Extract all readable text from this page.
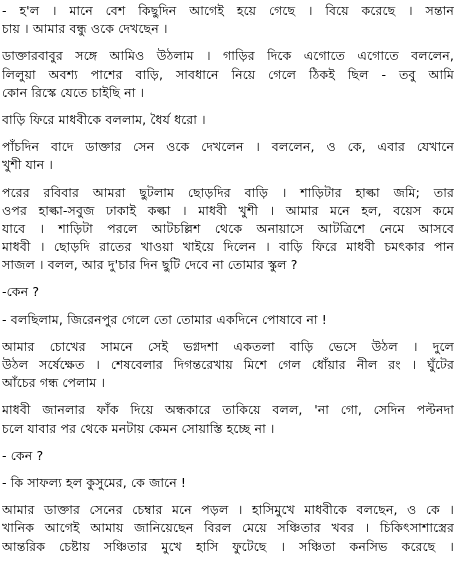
- হ'ল । মানে বেশ কিছুদিন আগেই হয়ে গেছে । বিয়ে করেছে । সন্তান
চায় । আমার বন্ধু ওকে দেখছেন ।
ডাক্তারবাবুর সঙ্গে আমিও উঠলাম । গাড়ির দিকে এগোতে এগোতে বললেন,
লিলুয়া অবশ্য পাশের বাড়ি, সাবধানে নিয়ে গেলে ঠিকই ছিল - তবু আমি
কোন রিস্কে যেতে চাইছি না ।
বাড়ি ফিরে মাধবীকে বললাম, ধৈর্য ধরো ।
পাঁচদিন বাদে ডাক্তার সেন ওকে দেখলেন । বললেন, ও কে, এবার যেখানে
খুশী যান ।
পরের রবিবার আমরা ছুটলাম ছোড়দির বাড়ি । শাড়িটার হাল্কা জমি; তার
ওপর হাল্কা-সবুজ ঢাকাই কল্কা । মাধবী খুশী । আমার মনে হল, বয়েস কমে
যাবে । শাড়িটা পরলে আটচল্লিশ থেকে অনায়াসে আটত্রিশে নেমে আসবে
মাধবী । ছোড়দি রাতের খাওয়া খাইয়ে দিলেন । বাড়ি ফিরে মাধবী চমৎকার পান
সাজল । বলল, আর দু'চার দিন ছুটি দেবে না তোমার স্কুল ?
-কেন ?
- বলছিলাম, জিরেনপুর গেলে তো তোমার একদিনে পোষাবে না !
আমার চোখের সামনে সেই ভগ্নদশা একতলা বাড়ি ভেসে উঠল । দুলে
উঠল সর্ষেক্ষেত । শেষবেলার দিগন্তরেখায় মিশে গেল ধোঁয়ার নীল রং । ঘুঁটের
আঁচের গন্ধ পেলাম ।
মাধবী জানলার ফাঁক দিয়ে অন্ধকারে তাকিয়ে বলল, 'না গো, সেদিন পল্টনদা
চলে যাবার পর থেকে মনটায় কেমন সোয়াস্তি হচ্ছে না ।
- কেন ?
- কি সাফল্য হল কুসুমের, কে জানে !
আমার ডাক্তার সেনের চেম্বার মনে পড়ল । হাসিমুখে মাধবীকে বলছেন, ও কে ।
খানিক আগেই আমায় জানিয়েছেন বিরল মেয়ে সঞ্চিতার খবর । চিকিৎসাশাস্ত্রের
আন্তরিক চেষ্টায় সঞ্চিতার মুখে হাসি ফুটেছে । সঞ্চিতা কনসিভ করেছে ।
